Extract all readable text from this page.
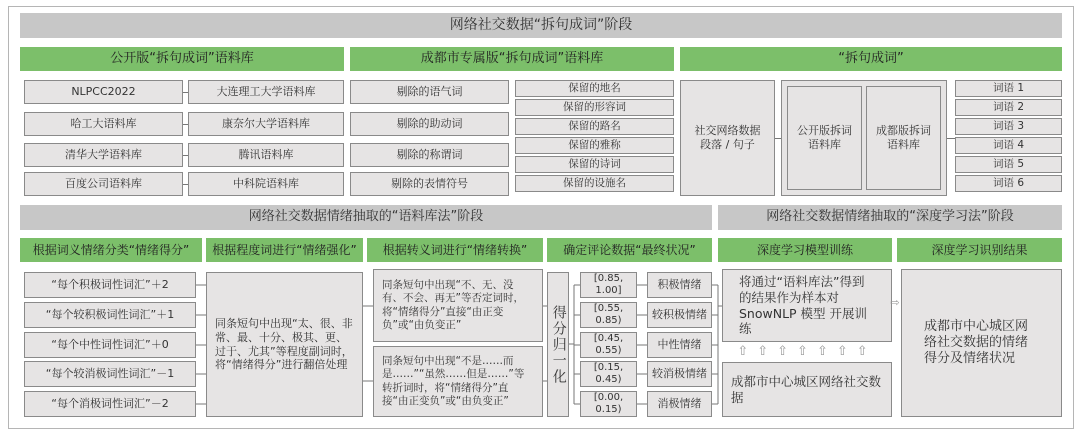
网络社交数据“拆句成词”阶段
公开版“拆句成词”语料库	成都市专属版“拆句成词”语料库	“拆句成词”
NLPCC2022
哈工大语料库
清华大学语料库
百度公司语料库
大连理工大学语料库
康奈尔大学语料库
腾讯语料库
中科院语料库
剔除的语气词
剔除的助动词
剔除的称谓词
剔除的表情符号
保留的地名
保留的形容词
保留的路名
保留的雅称
保留的诗词
保留的设施名
社交网络数据段落 / 句子
公开版拆词语料库
成都版拆词语料库
词语 1
词语 2
词语 3
词语 4
词语 5
词语 6
网络社交数据情绪抽取的“语料库法”阶段	网络社交数据情绪抽取的“深度学习法”阶段
根据词义情绪分类“情绪得分”	根据程度词进行“情绪强化”	根据转义词进行“情绪转换”	确定评论数据“最终状况”	深度学习模型训练	深度学习识别结果
“每个积极词性词汇”＋2
“每个较积极词性词汇”＋1
“每个中性词性词汇”＋0
“每个较消极词性词汇”－1
“每个消极词性词汇”－2
同条短句中出现“太、很、非常、最、十分、极其、更、过于、尤其”等程度副词时，将“情绪得分”进行翻倍处理
同条短句中出现“不、无、没有、不会、再无”等否定词时，将“情绪得分”直接“由正变负”或“由负变正”
同条短句中出现“不是……而是……”“虽然……但是……”等转折词时，将“情绪得分”直接“由正变负”或“由负变正”
得分归一化
[0.85, 1.00]
[0.55, 0.85)
[0.45, 0.55)
[0.15, 0.45)
[0.00, 0.15)
积极情绪
较积极情绪
中性情绪
较消极情绪
消极情绪
将通过“语料库法”得到的结果作为样本对 SnowNLP 模型 开展训练
⇧⇧⇧⇧⇧⇧⇧
成都市中心城区网络社交数据
⇨
成都市中心城区网络社交数据的情绪得分及情绪状况
